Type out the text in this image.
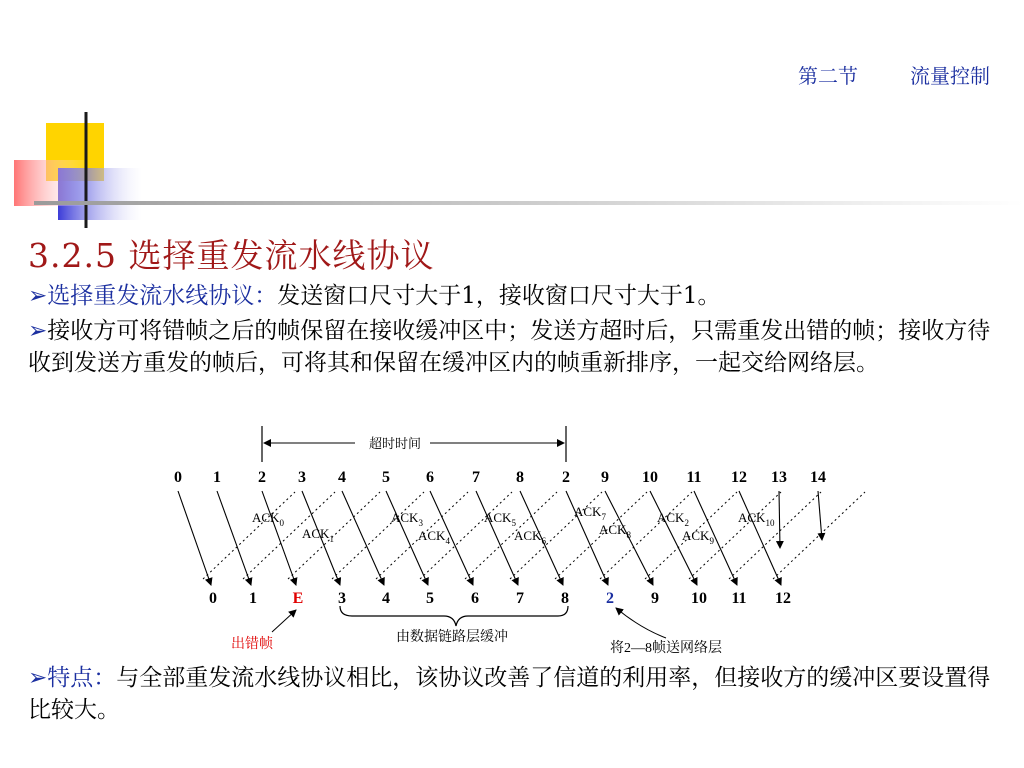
第二节	流量控制
3.2.5 选择重发流水线协议
➢选择重发流水线协议：发送窗口尺寸大于1，接收窗口尺寸大于1。
➢接收方可将错帧之后的帧保留在接收缓冲区中；发送方超时后，只需重发出错的帧；接收方待收到发送方重发的帧后，可将其和保留在缓冲区内的帧重新排序，一起交给网络层。
➢特点：与全部重发流水线协议相比，该协议改善了信道的利用率，但接收方的缓冲区要设置得比较大。
超时时间
0 1 2 3 4 5 6 7 8 2 9 10 11 12 13 14
0 1 E 3 4 5 6 7 8 2 9 10 11 12
$ACK_0$
$ACK_1$
$ACK_3$
$ACK_4$
$ACK_5$
$ACK_6$
$ACK_7$
$ACK_8$
$ACK_2$
$ACK_9$
$ACK_{10}$
由数据链路层缓冲
出错帧	将2—8帧送网络层
